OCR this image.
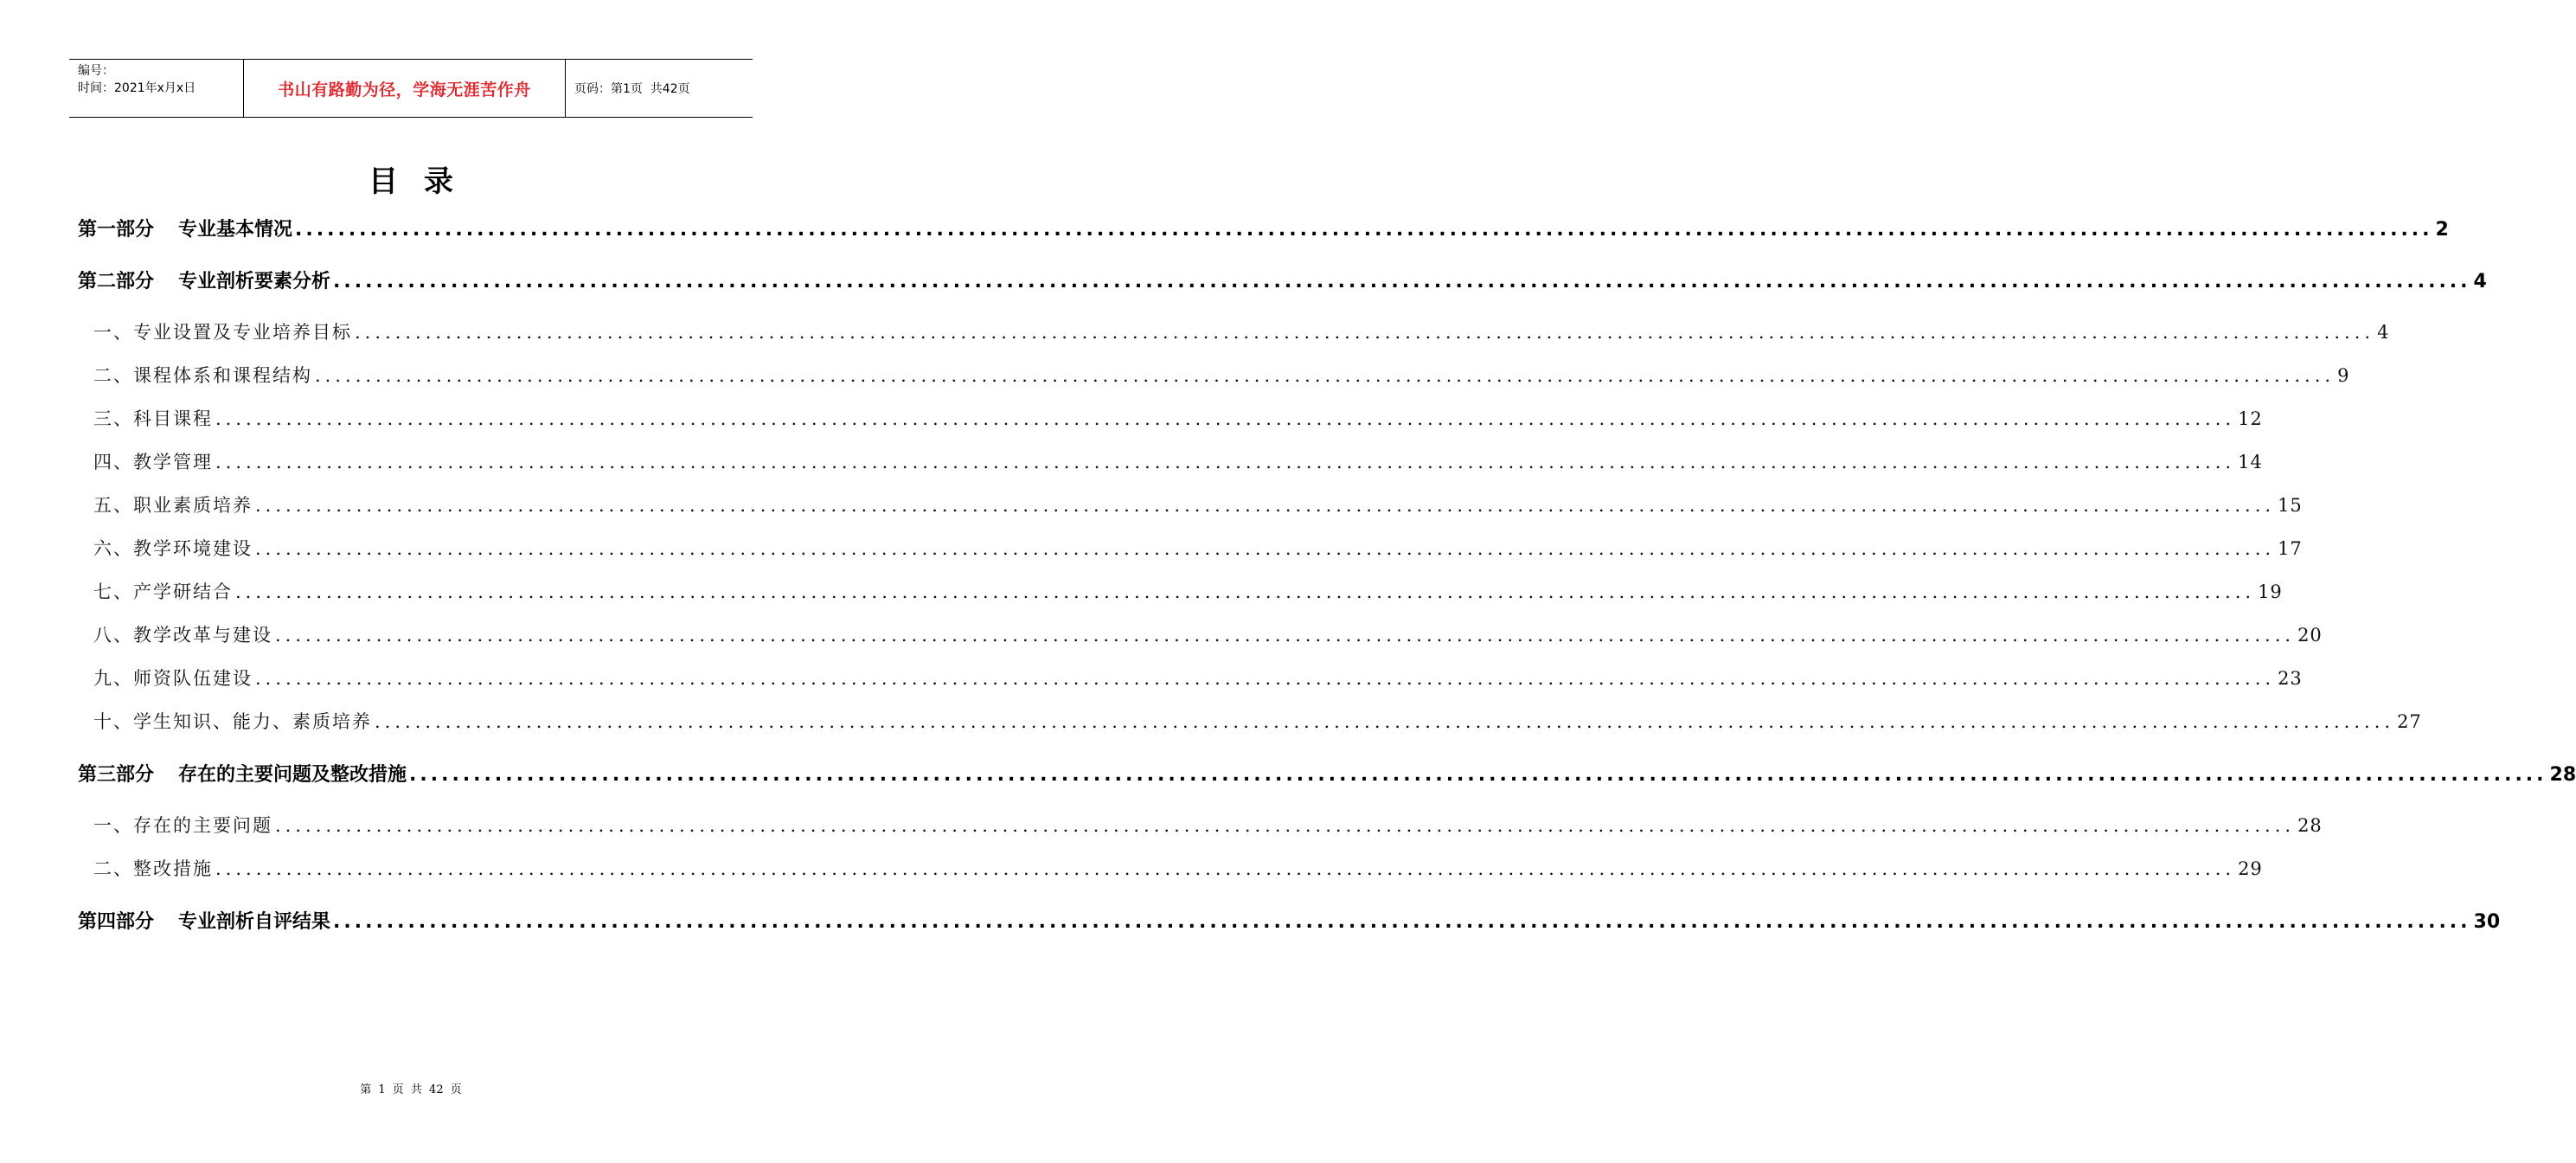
编号：
时间：2021年x月x日	书山有路勤为径，学海无涯苦作舟	页码：第1页  共42页
目录
第一部分 专业基本情况 ........................................................................................................................................................................................................ 2
第二部分 专业剖析要素分析 ........................................................................................................................................................................................................ 4
一、专业设置及专业培养目标 ........................................................................................................................................................................................................ 4
二、课程体系和课程结构 ........................................................................................................................................................................................................ 9
三、科目课程 ........................................................................................................................................................................................................ 12
四、教学管理 ........................................................................................................................................................................................................ 14
五、职业素质培养 ........................................................................................................................................................................................................ 15
六、教学环境建设 ........................................................................................................................................................................................................ 17
七、产学研结合 ........................................................................................................................................................................................................ 19
八、教学改革与建设 ........................................................................................................................................................................................................ 20
九、师资队伍建设 ........................................................................................................................................................................................................ 23
十、学生知识、能力、素质培养 ........................................................................................................................................................................................................ 27
第三部分 存在的主要问题及整改措施 ........................................................................................................................................................................................................ 28
一、存在的主要问题 ........................................................................................................................................................................................................ 28
二、整改措施 ........................................................................................................................................................................................................ 29
第四部分 专业剖析自评结果 ........................................................................................................................................................................................................ 30
第 1 页 共 42 页
